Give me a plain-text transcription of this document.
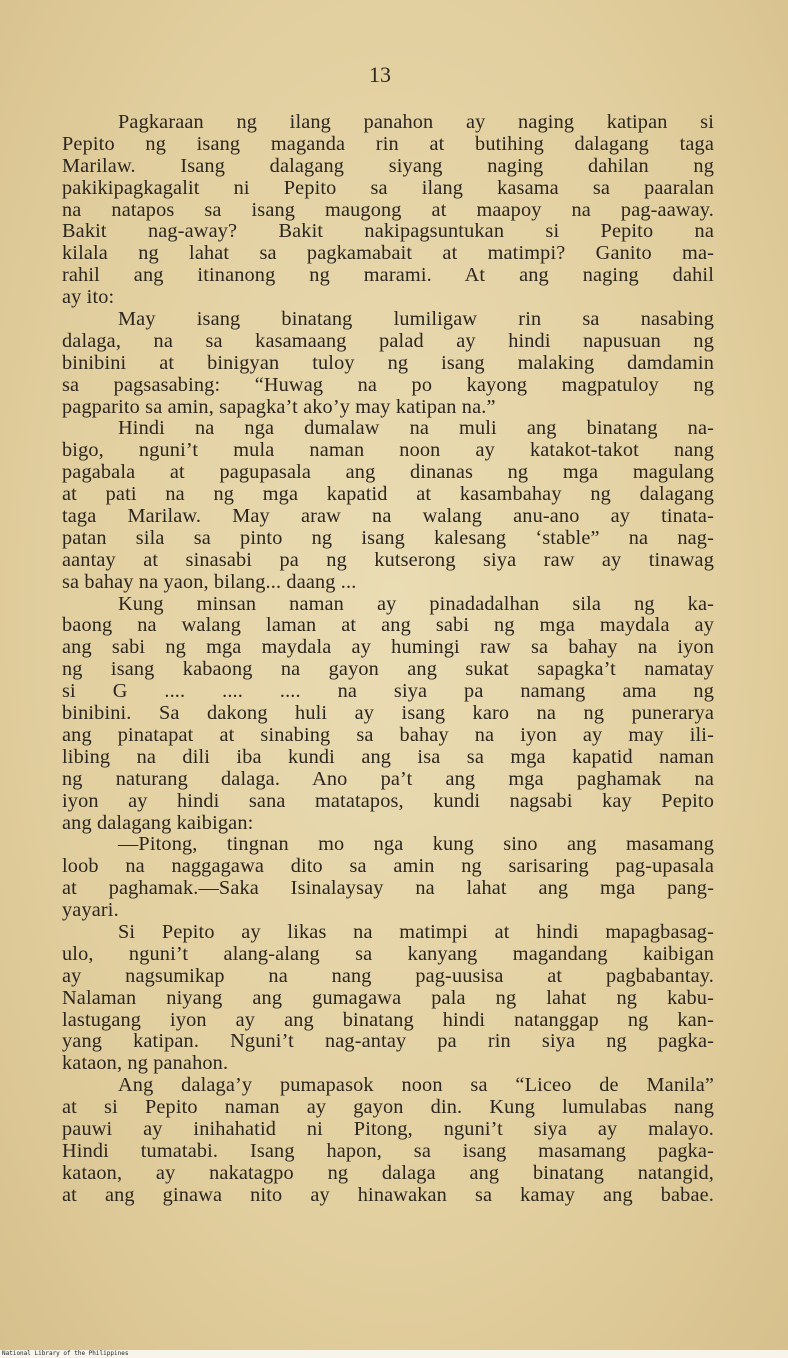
13
Pagkaraan ng ilang panahon ay naging katipan si
Pepito ng isang maganda rin at butihing dalagang taga
Marilaw. Isang dalagang siyang naging dahilan ng
pakikipagkagalit ni Pepito sa ilang kasama sa paaralan
na natapos sa isang maugong at maapoy na pag-aaway.
Bakit nag-away? Bakit nakipagsuntukan si Pepito na
kilala ng lahat sa pagkamabait at matimpi? Ganito ma-
rahil ang itinanong ng marami. At ang naging dahil
ay ito:
May isang binatang lumiligaw rin sa nasabing
dalaga, na sa kasamaang palad ay hindi napusuan ng
binibini at binigyan tuloy ng isang malaking damdamin
sa pagsasabing: “Huwag na po kayong magpatuloy ng
pagparito sa amin, sapagka’t ako’y may katipan na.”
Hindi na nga dumalaw na muli ang binatang na-
bigo, nguni’t mula naman noon ay katakot-takot nang
pagabala at pagupasala ang dinanas ng mga magulang
at pati na ng mga kapatid at kasambahay ng dalagang
taga Marilaw. May araw na walang anu-ano ay tinata-
patan sila sa pinto ng isang kalesang ‘stable” na nag-
aantay at sinasabi pa ng kutserong siya raw ay tinawag
sa bahay na yaon, bilang... daang ...
Kung minsan naman ay pinadadalhan sila ng ka-
baong na walang laman at ang sabi ng mga maydala ay
ang sabi ng mga maydala ay humingi raw sa bahay na iyon
ng isang kabaong na gayon ang sukat sapagka’t namatay
si G .... .... .... na siya pa namang ama ng
binibini. Sa dakong huli ay isang karo na ng punerarya
ang pinatapat at sinabing sa bahay na iyon ay may ili-
libing na dili iba kundi ang isa sa mga kapatid naman
ng naturang dalaga. Ano pa’t ang mga paghamak na
iyon ay hindi sana matatapos, kundi nagsabi kay Pepito
ang dalagang kaibigan:
—Pitong, tingnan mo nga kung sino ang masamang
loob na naggagawa dito sa amin ng sarisaring pag-upasala
at paghamak.—Saka Isinalaysay na lahat ang mga pang-
yayari.
Si Pepito ay likas na matimpi at hindi mapagbasag-
ulo, nguni’t alang-alang sa kanyang magandang kaibigan
ay nagsumikap na nang pag-uusisa at pagbabantay.
Nalaman niyang ang gumagawa pala ng lahat ng kabu-
lastugang iyon ay ang binatang hindi natanggap ng kan-
yang katipan. Nguni’t nag-antay pa rin siya ng pagka-
kataon, ng panahon.
Ang dalaga’y pumapasok noon sa “Liceo de Manila”
at si Pepito naman ay gayon din. Kung lumulabas nang
pauwi ay inihahatid ni Pitong, nguni’t siya ay malayo.
Hindi tumatabi. Isang hapon, sa isang masamang pagka-
kataon, ay nakatagpo ng dalaga ang binatang natangid,
at ang ginawa nito ay hinawakan sa kamay ang babae.
National Library of the Philippines
